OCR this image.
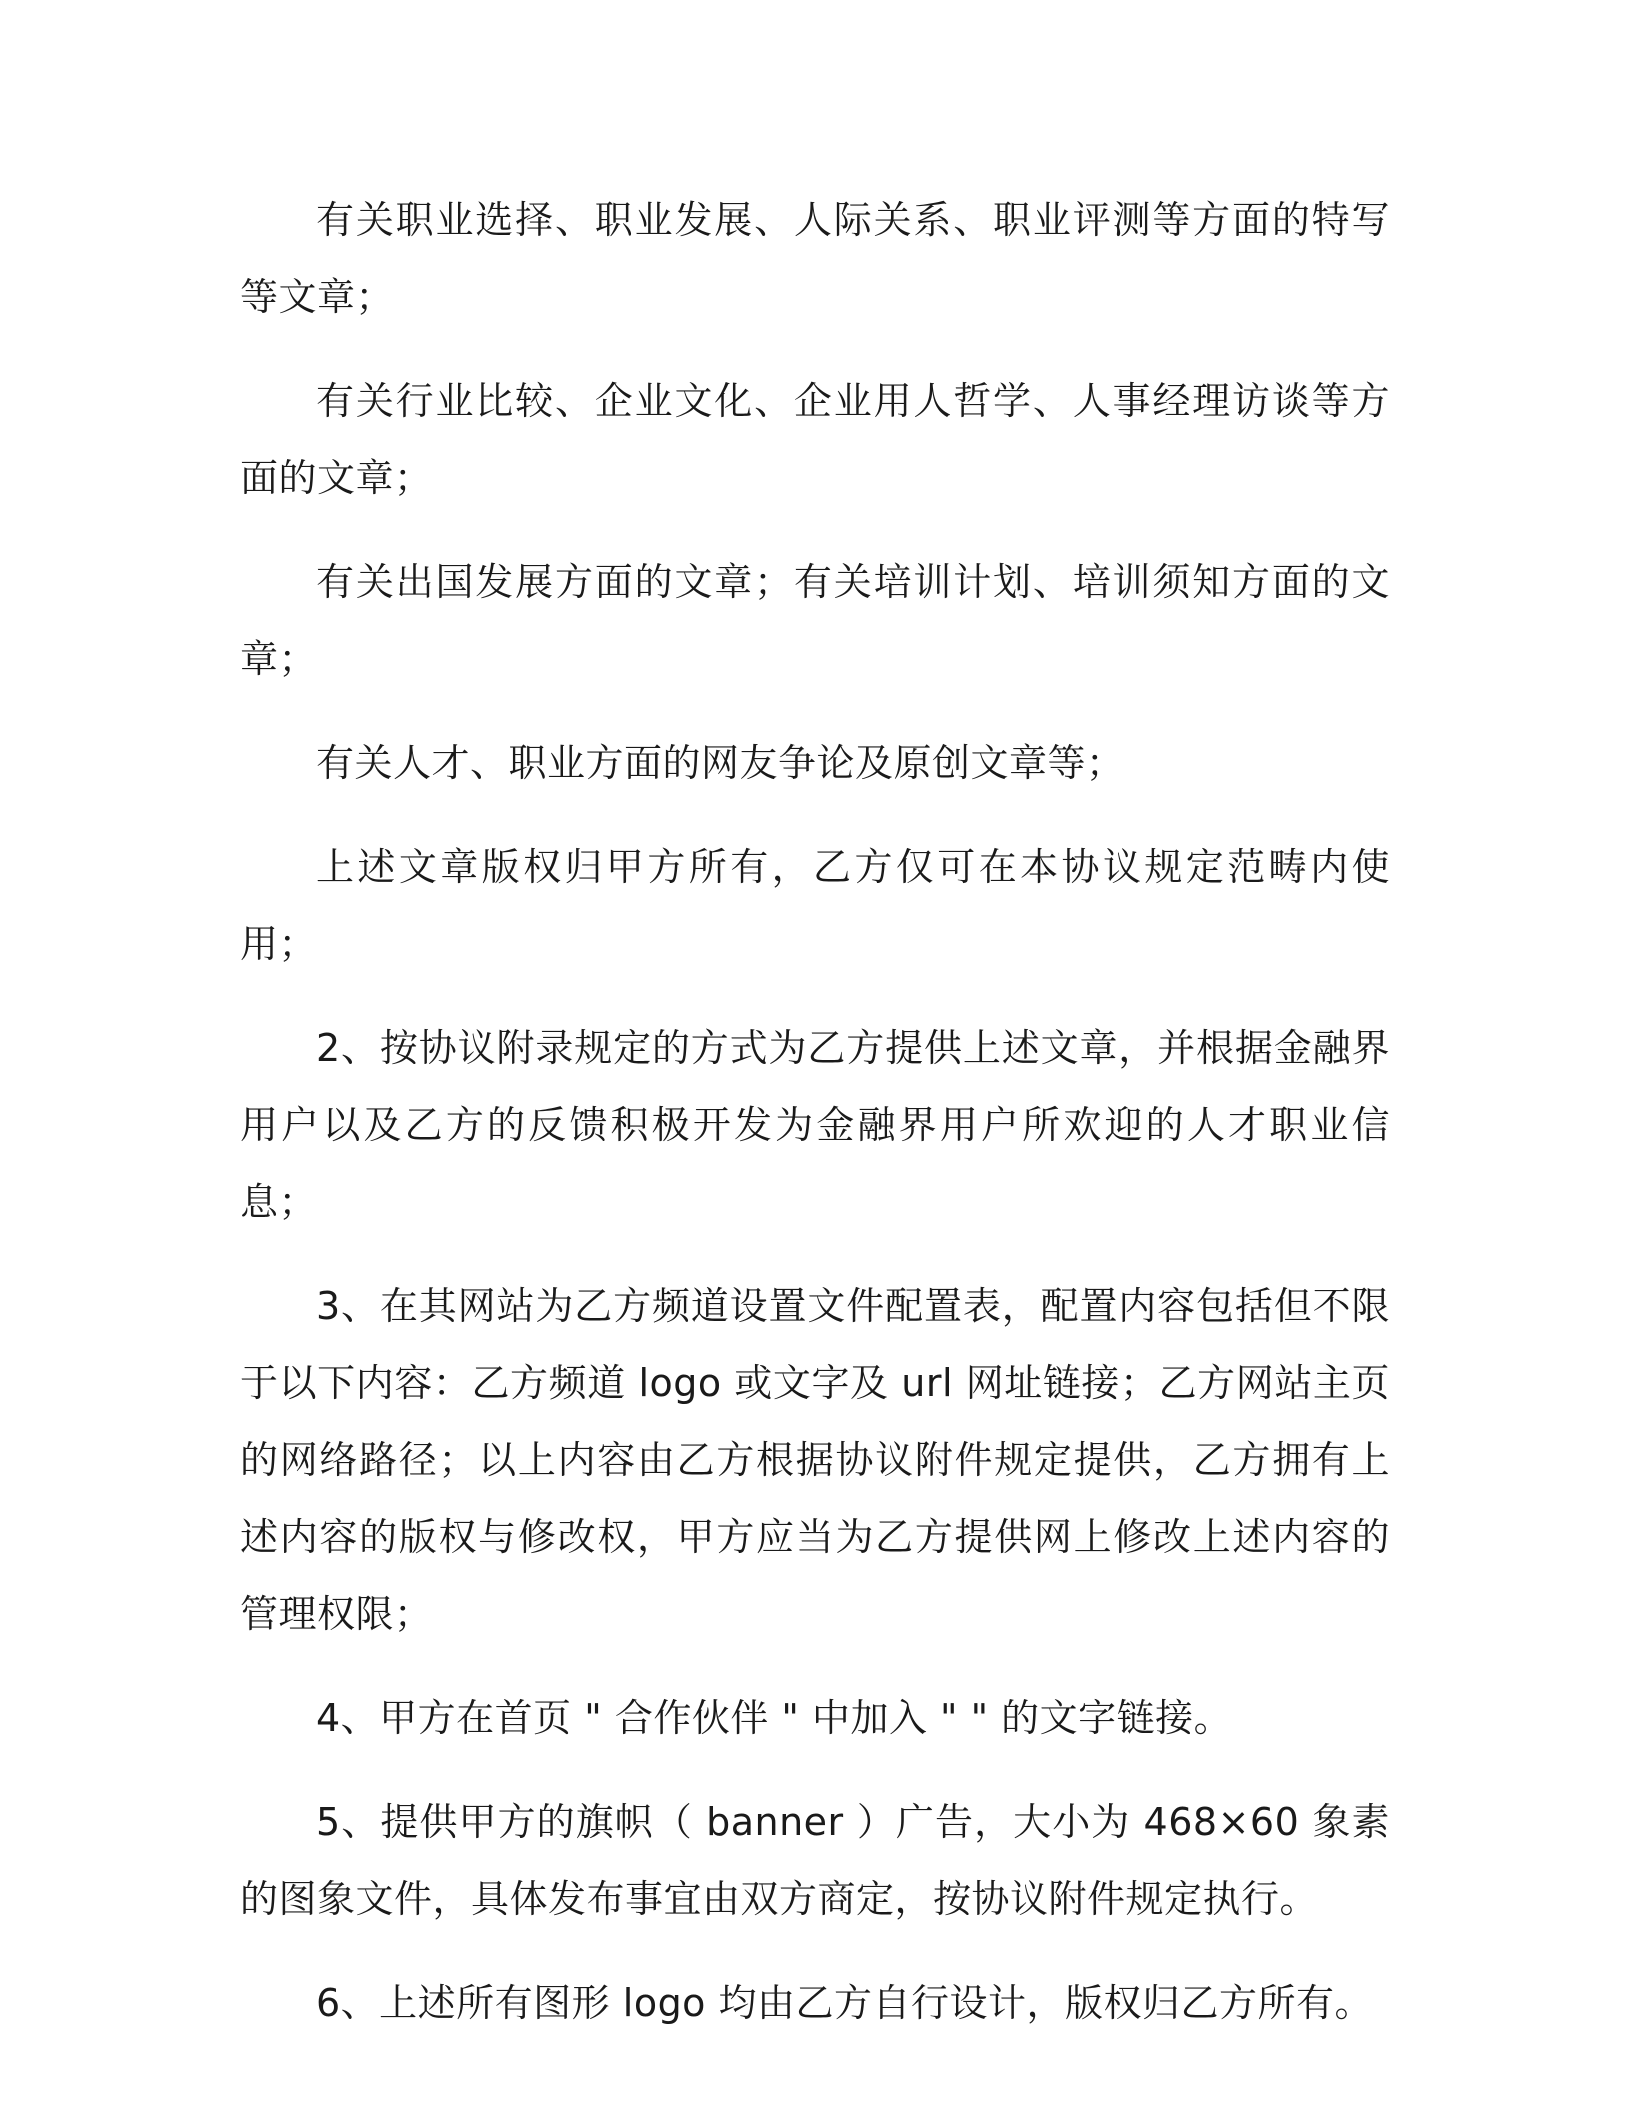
有关职业选择、职业发展、人际关系、职业评测等方面的特写等文章；

有关行业比较、企业文化、企业用人哲学、人事经理访谈等方面的文章；

有关出国发展方面的文章；有关培训计划、培训须知方面的文章；

有关人才、职业方面的网友争论及原创文章等；

上述文章版权归甲方所有，乙方仅可在本协议规定范畴内使用；

2、按协议附录规定的方式为乙方提供上述文章，并根据金融界用户以及乙方的反馈积极开发为金融界用户所欢迎的人才职业信息；

3、在其网站为乙方频道设置文件配置表，配置内容包括但不限于以下内容：乙方频道 logo 或文字及 url 网址链接；乙方网站主页的网络路径；以上内容由乙方根据协议附件规定提供，乙方拥有上述内容的版权与修改权，甲方应当为乙方提供网上修改上述内容的管理权限；

4、甲方在首页 " 合作伙伴 " 中加入 " " 的文字链接。

5、提供甲方的旗帜（ banner ）广告，大小为 468×60 象素的图象文件，具体发布事宜由双方商定，按协议附件规定执行。

6、上述所有图形 logo 均由乙方自行设计，版权归乙方所有。
